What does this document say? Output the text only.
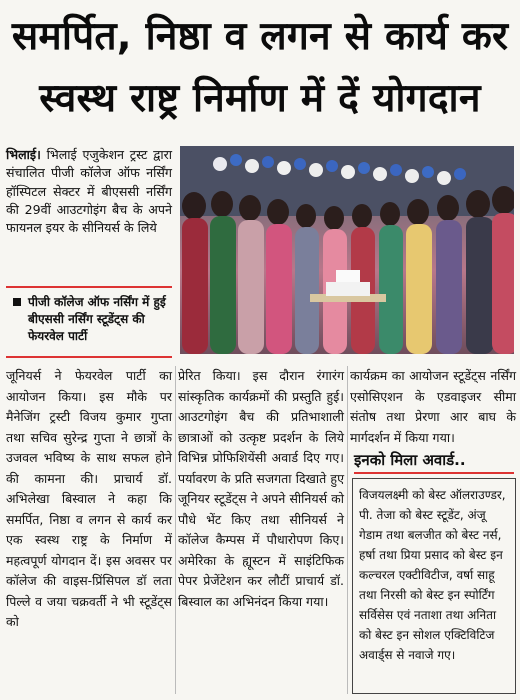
समर्पित, निष्ठा व लगन से कार्य कर
स्वस्थ राष्ट्र निर्माण में दें योगदान
भिलाई। भिलाई एजुकेशन ट्रस्ट द्वारा संचालित पीजी कॉलेज ऑफ नर्सिंग हॉस्पिटल सेक्टर में बीएससी नर्सिंग की 29वीं आउटगोइंग बैच के अपने फायनल इयर के सीनियर्स के लिये
पीजी कॉलेज ऑफ नर्सिंग में हुई बीएससी नर्सिंग स्टूडेंट्स की फेयरवेल पार्टी
जूनियर्स ने फेयरवेल पार्टी का आयोजन किया। इस मौके पर मैनेजिंग ट्रस्टी विजय कुमार गुप्ता तथा सचिव सुरेन्द्र गुप्ता ने छात्रों के उजवल भविष्य के साथ सफल होने की कामना की। प्राचार्य डॉ. अभिलेखा बिस्वाल ने कहा कि समर्पित, निष्ठा व लगन से कार्य कर एक स्वस्थ राष्ट्र के निर्माण में महत्वपूर्ण योगदान दें। इस अवसर पर कॉलेज की वाइस-प्रिंसिपल डॉ लता पिल्ले व जया चक्रवर्ती ने भी स्टूडेंट्स को
प्रेरित किया। इस दौरान रंगारंग सांस्कृतिक कार्यक्रमों की प्रस्तुति हुई। आउटगोइंग बैच की प्रतिभाशाली छात्राओं को उत्कृष्ट प्रदर्शन के लिये विभिन्न प्रोफिशियेंसी अवार्ड दिए गए। पर्यावरण के प्रति सजगता दिखाते हुए जूनियर स्टूडेंट्स ने अपने सीनियर्स को पौधे भेंट किए तथा सीनियर्स ने कॉलेज कैम्पस में पौधारोपण किए। अमेरिका के ह्यूस्टन में साइंटिफिक पेपर प्रेजेंटेशन कर लौटीं प्राचार्य डॉ. बिस्वाल का अभिनंदन किया गया।
कार्यक्रम का आयोजन स्टूडेंट्स नर्सिंग एसोसिएशन के एडवाइजर सीमा संतोष तथा प्रेरणा आर बाघ के मार्गदर्शन में किया गया।
इनको मिला अवार्ड..
विजयलक्ष्मी को बेस्ट ऑलराउण्डर, पी. तेजा को बेस्ट स्टूडेंट, अंजू गेडाम तथा बलजीत को बेस्ट नर्स, हर्षा तथा प्रिया प्रसाद को बेस्ट इन कल्चरल एक्टीविटीज, वर्षा साहू तथा निरसी को बेस्ट इन स्पोर्टिंग सर्विसेस एवं नताशा तथा अनिता को बेस्ट इन सोशल एक्टिविटिज अवार्ड्स से नवाजे गए।
